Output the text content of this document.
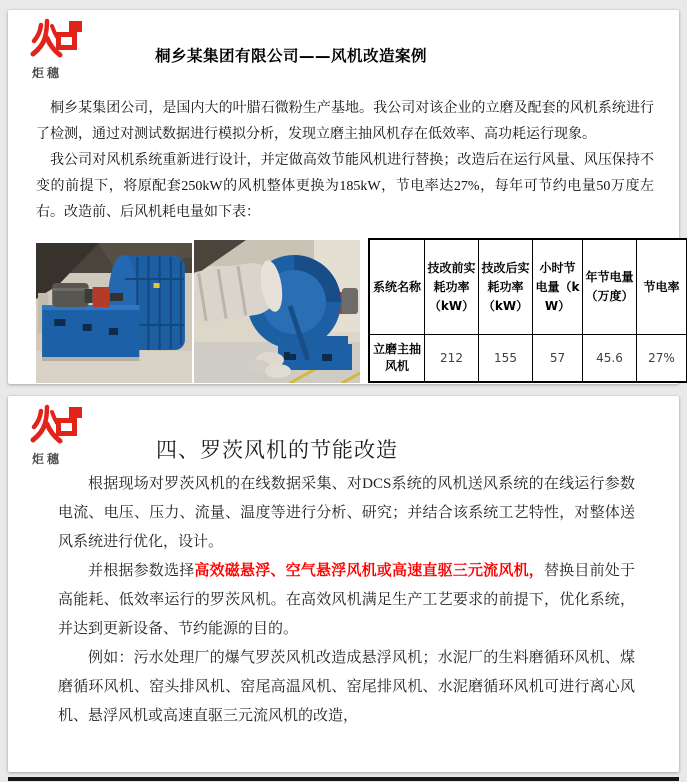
炬穗
桐乡某集团有限公司——风机改造案例

桐乡某集团公司，是国内大的叶腊石微粉生产基地。我公司对该企业的立磨及配套的风机系统进行了检测，通过对测试数据进行模拟分析，发现立磨主抽风机存在低效率、高功耗运行现象。

我公司对风机系统重新进行设计，并定做高效节能风机进行替换；改造后在运行风量、风压保持不变的前提下，将原配套250kW的风机整体更换为185kW，节电率达27%，每年可节约电量50万度左右。改造前、后风机耗电量如下表：

系统名称	技改前实耗功率（kW）	技改后实耗功率（kW）	小时节电量（kW）	年节电量（万度）	节电率
立磨主抽风机	212	155	57	45.6	27%
炬穗	四、罗茨风机的节能改造

根据现场对罗茨风机的在线数据采集、对DCS系统的风机送风系统的在线运行参数电流、电压、压力、流量、温度等进行分析、研究；并结合该系统工艺特性，对整体送风系统进行优化，设计。

并根据参数选择高效磁悬浮、空气悬浮风机或高速直驱三元流风机，替换目前处于高能耗、低效率运行的罗茨风机。在高效风机满足生产工艺要求的前提下，优化系统，并达到更新设备、节约能源的目的。

例如：污水处理厂的爆气罗茨风机改造成悬浮风机；水泥厂的生料磨循环风机、煤磨循环风机、窑头排风机、窑尾高温风机、窑尾排风机、水泥磨循环风机可进行离心风机、悬浮风机或高速直驱三元流风机的改造，
